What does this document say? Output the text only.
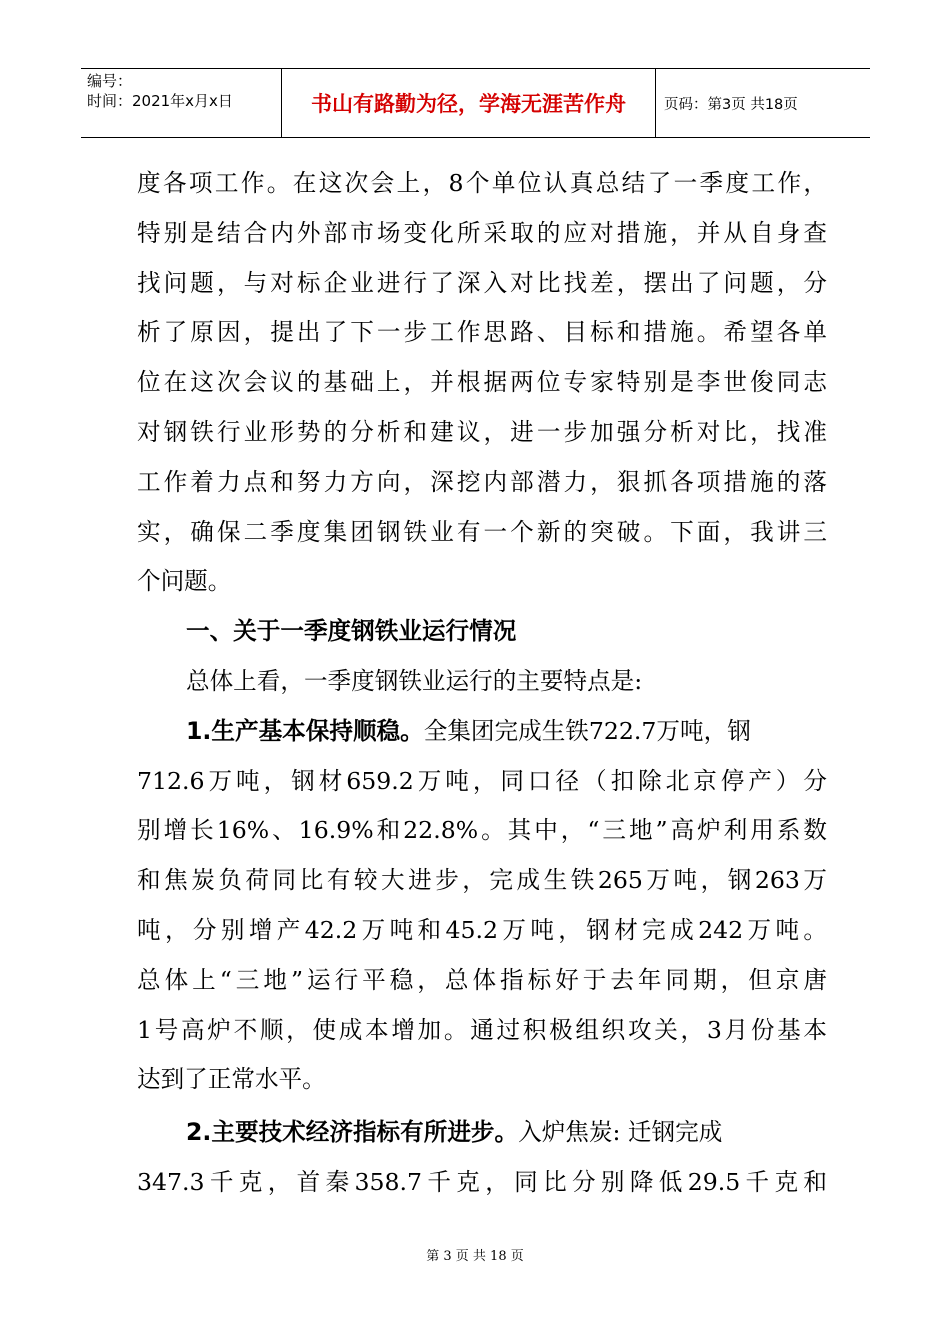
编号：
时间：2021年x月x日	书山有路勤为径，学海无涯苦作舟	页码：第3页 共18页
度各项工作。在这次会上，8个单位认真总结了一季度工作，
特别是结合内外部市场变化所采取的应对措施，并从自身查
找问题，与对标企业进行了深入对比找差，摆出了问题，分
析了原因，提出了下一步工作思路、目标和措施。希望各单
位在这次会议的基础上，并根据两位专家特别是李世俊同志
对钢铁行业形势的分析和建议，进一步加强分析对比，找准
工作着力点和努力方向，深挖内部潜力，狠抓各项措施的落
实，确保二季度集团钢铁业有一个新的突破。下面，我讲三
个问题。
一、关于一季度钢铁业运行情况
总体上看，一季度钢铁业运行的主要特点是:
1.生产基本保持顺稳。全集团完成生铁722.7万吨，钢
712.6万吨，钢材659.2万吨，同口径（扣除北京停产）分
别增长16%、16.9%和22.8%。其中，“三地”高炉利用系数
和焦炭负荷同比有较大进步，完成生铁265万吨，钢263万
吨，分别增产42.2万吨和45.2万吨，钢材完成242万吨。
总体上“三地”运行平稳，总体指标好于去年同期，但京唐
1号高炉不顺，使成本增加。通过积极组织攻关，3月份基本
达到了正常水平。
2.主要技术经济指标有所进步。入炉焦炭: 迁钢完成
347.3千克，首秦358.7千克，同比分别降低29.5千克和
第 3 页 共 18 页
